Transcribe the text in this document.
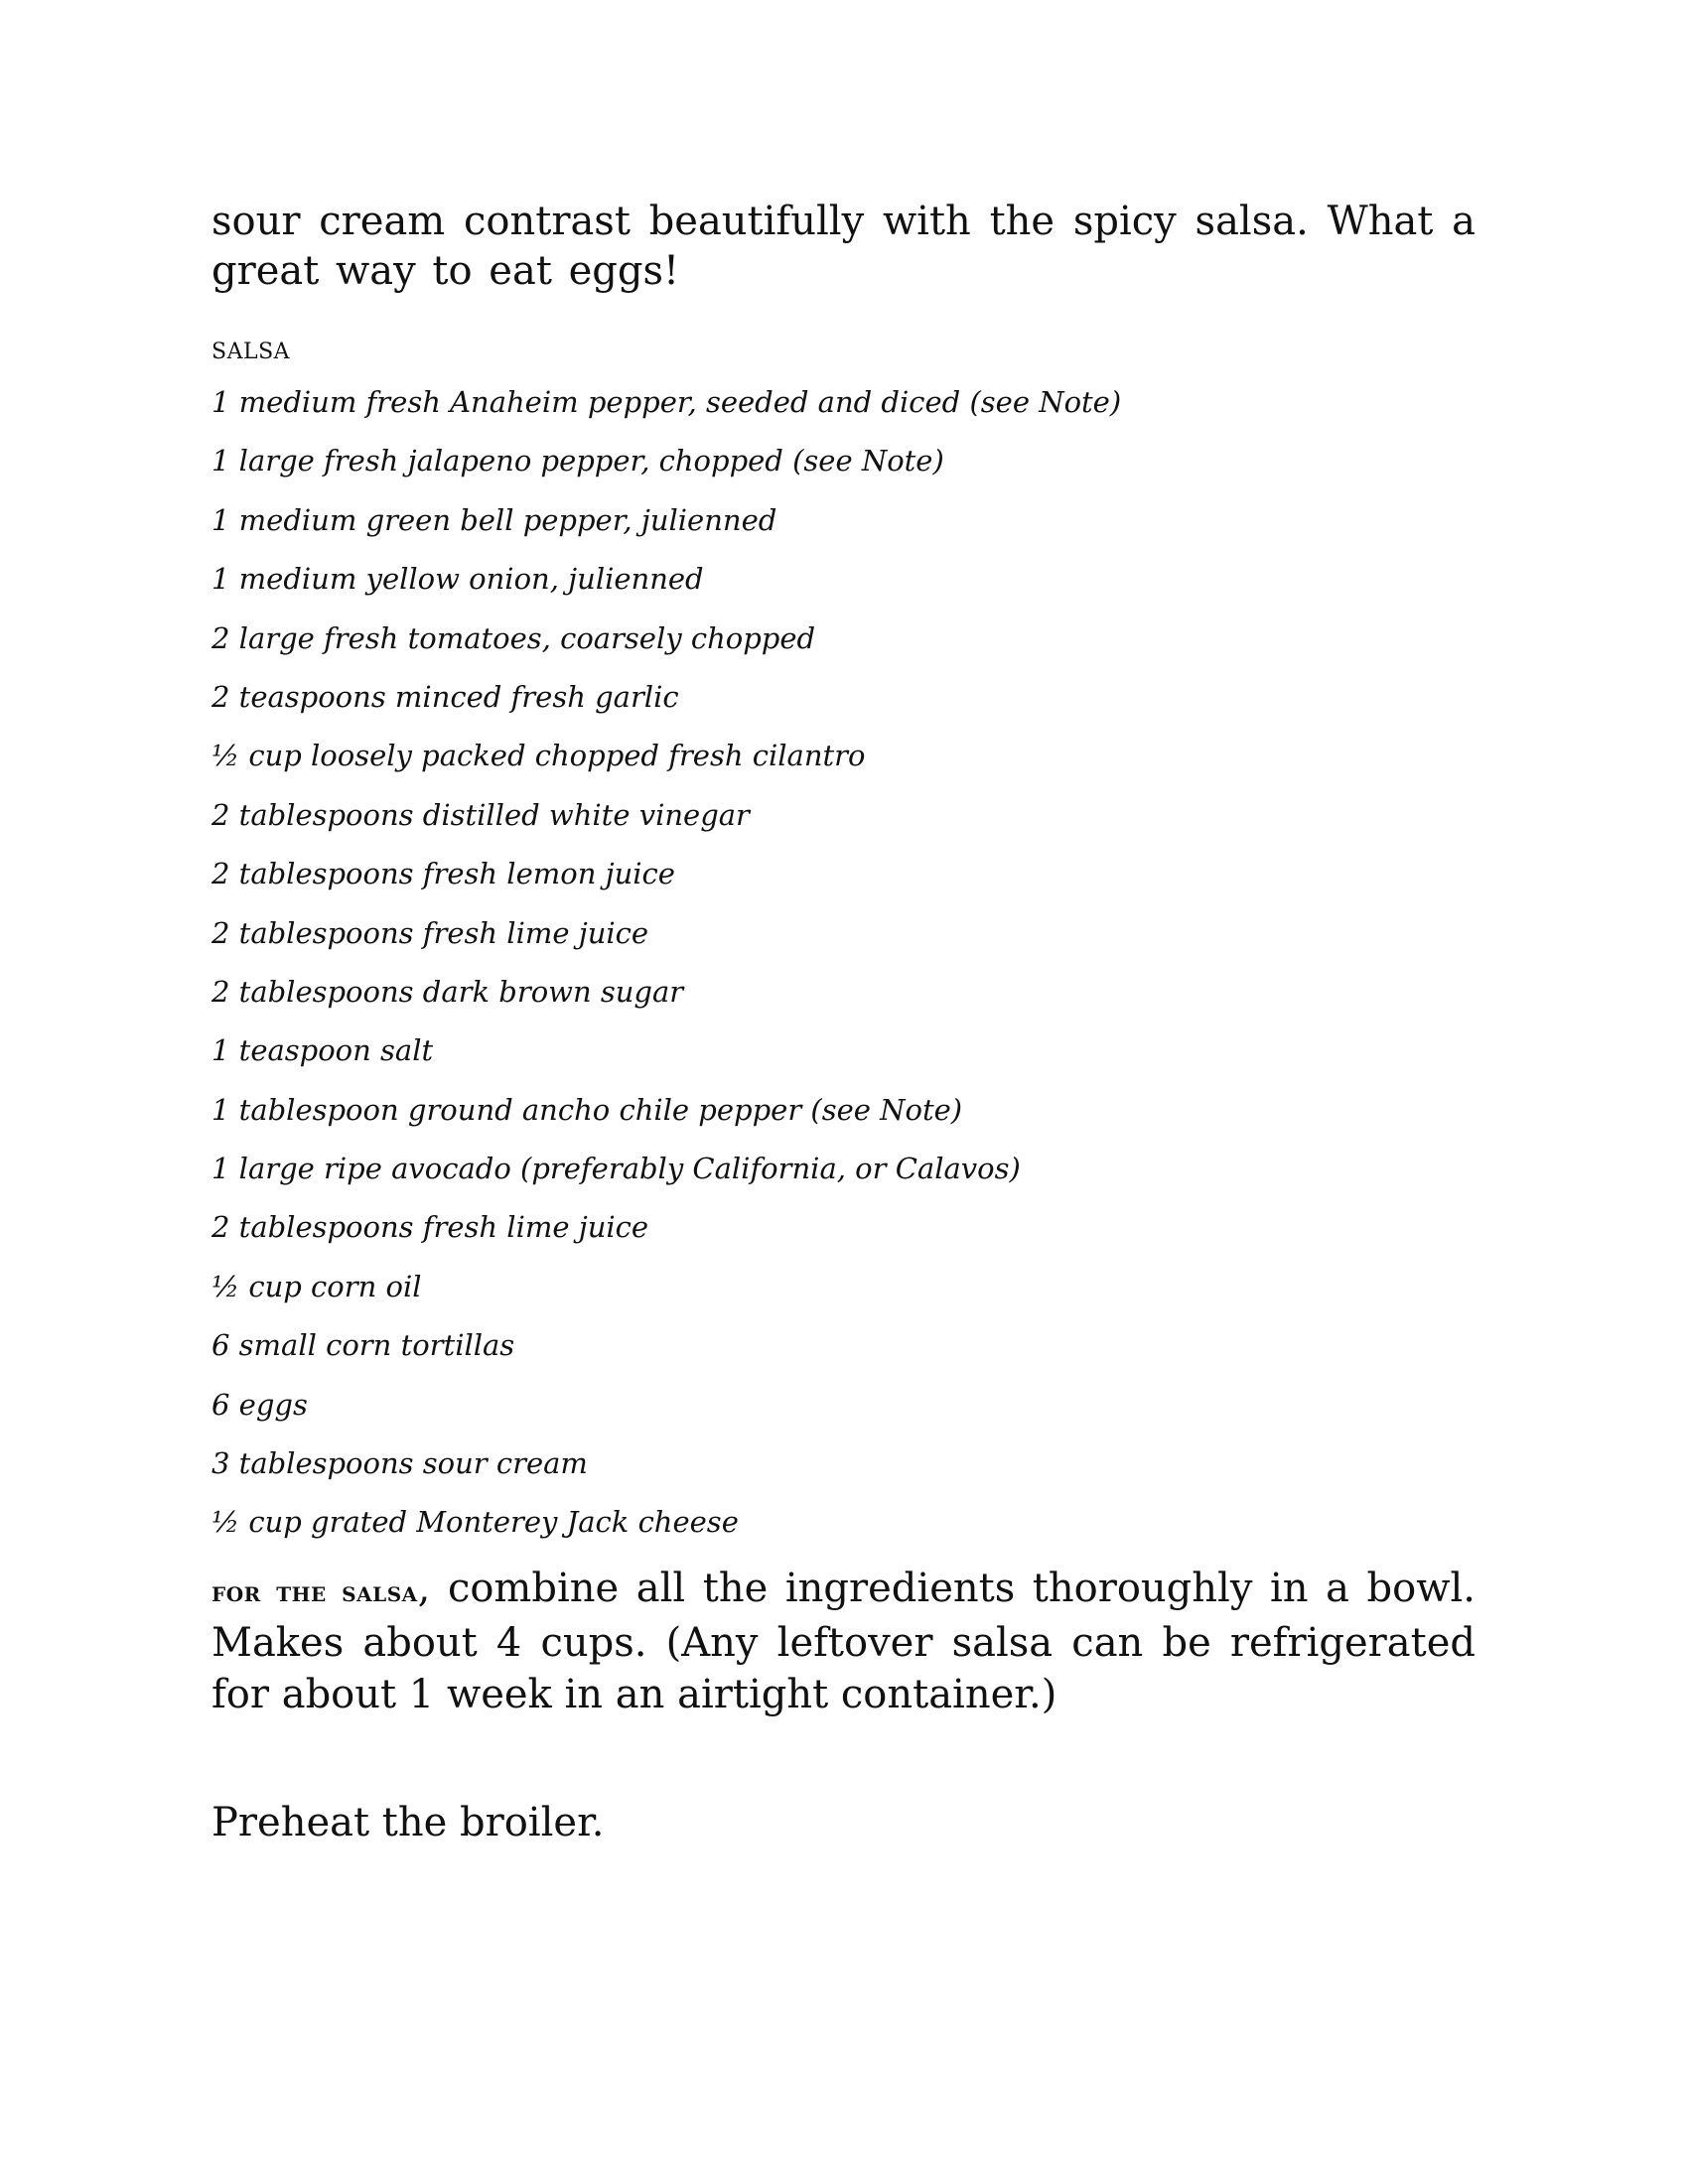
sour cream contrast beautifully with the spicy salsa. What a great way to eat eggs!

SALSA
1 medium fresh Anaheim pepper, seeded and diced (see Note)
1 large fresh jalapeno pepper, chopped (see Note)
1 medium green bell pepper, julienned
1 medium yellow onion, julienned
2 large fresh tomatoes, coarsely chopped
2 teaspoons minced fresh garlic
½ cup loosely packed chopped fresh cilantro
2 tablespoons distilled white vinegar
2 tablespoons fresh lemon juice
2 tablespoons fresh lime juice
2 tablespoons dark brown sugar
1 teaspoon salt
1 tablespoon ground ancho chile pepper (see Note)
1 large ripe avocado (preferably California, or Calavos)
2 tablespoons fresh lime juice
½ cup corn oil
6 small corn tortillas
6 eggs
3 tablespoons sour cream
½ cup grated Monterey Jack cheese

for the salsa, combine all the ingredients thoroughly in a bowl. Makes about 4 cups. (Any leftover salsa can be refrigerated for about 1 week in an airtight container.)

Preheat the broiler.
